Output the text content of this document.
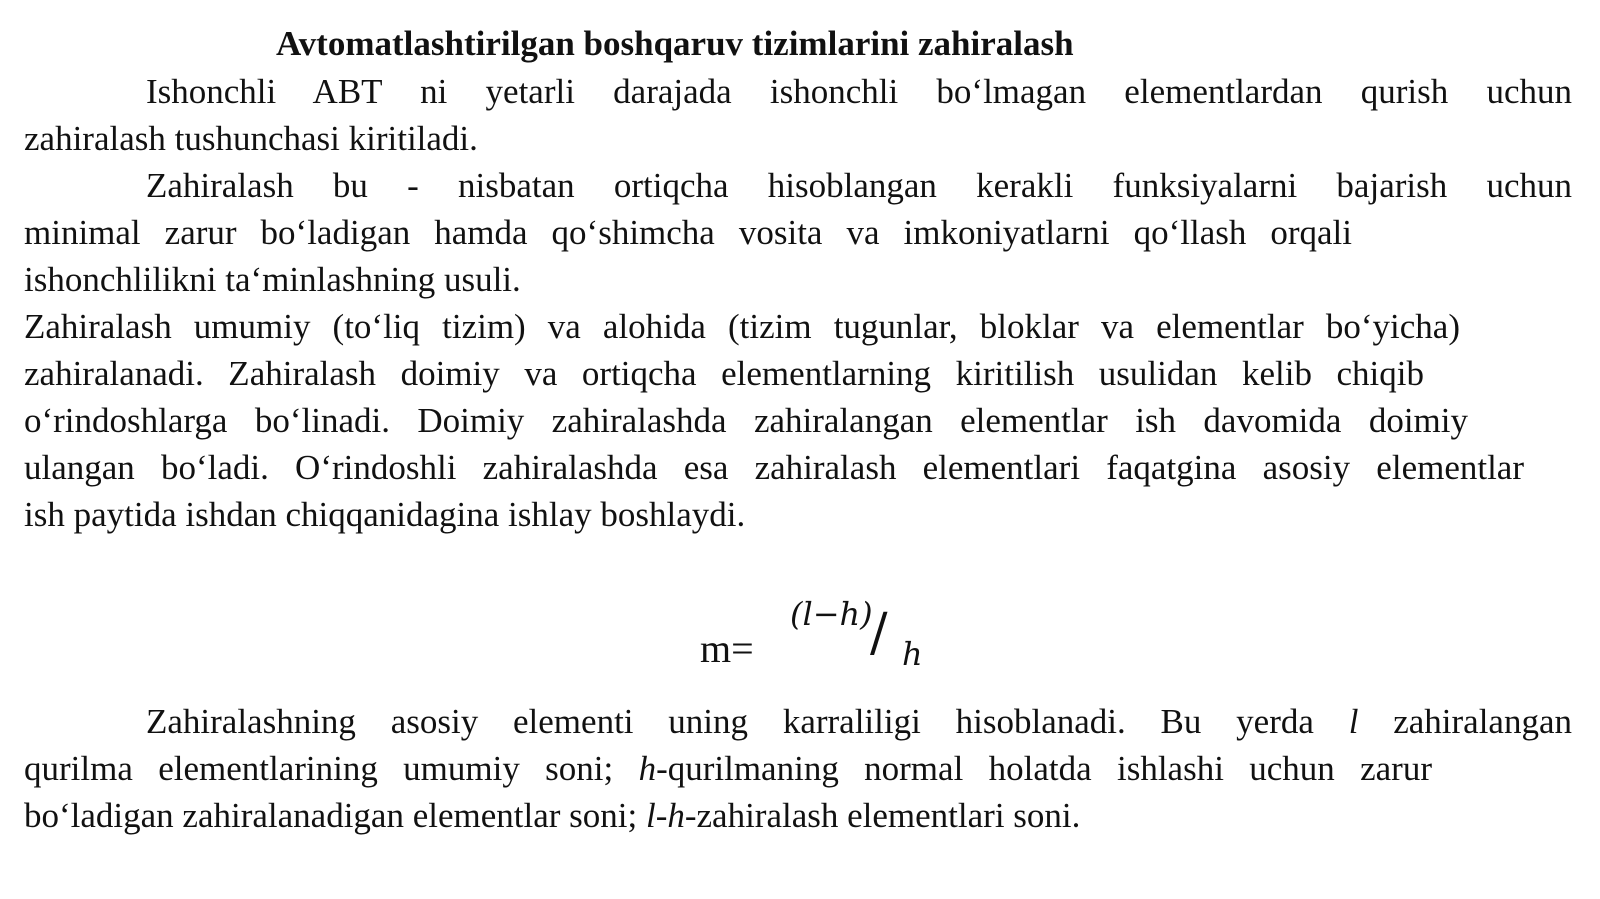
Avtomatlashtirilgan boshqaruv tizimlarini zahiralash
Ishonchli ABT ni yetarli darajada ishonchli bo‘lmagan elementlardan qurish uchun
zahiralash tushunchasi kiritiladi.
Zahiralash bu - nisbatan ortiqcha hisoblangan kerakli funksiyalarni bajarish uchun
minimal zarur bo‘ladigan hamda qo‘shimcha vosita va imkoniyatlarni qo‘llash orqali
ishonchlilikni ta‘minlashning usuli.
Zahiralash umumiy (to‘liq tizim) va alohida (tizim tugunlar, bloklar va elementlar bo‘yicha)
zahiralanadi. Zahiralash doimiy va ortiqcha elementlarning kiritilish usulidan kelib chiqib
o‘rindoshlarga bo‘linadi. Doimiy zahiralashda zahiralangan elementlar ish davomida doimiy
ulangan bo‘ladi. O‘rindoshli zahiralashda esa zahiralash elementlari faqatgina asosiy elementlar
ish paytida ishdan chiqqanidagina ishlay boshlaydi.
m=
(l−h)
/ h
Zahiralashning asosiy elementi uning karraliligi hisoblanadi. Bu yerda l zahiralangan
qurilma elementlarining umumiy soni; h-qurilmaning normal holatda ishlashi uchun zarur
bo‘ladigan zahiralanadigan elementlar soni; l-h-zahiralash elementlari soni.
